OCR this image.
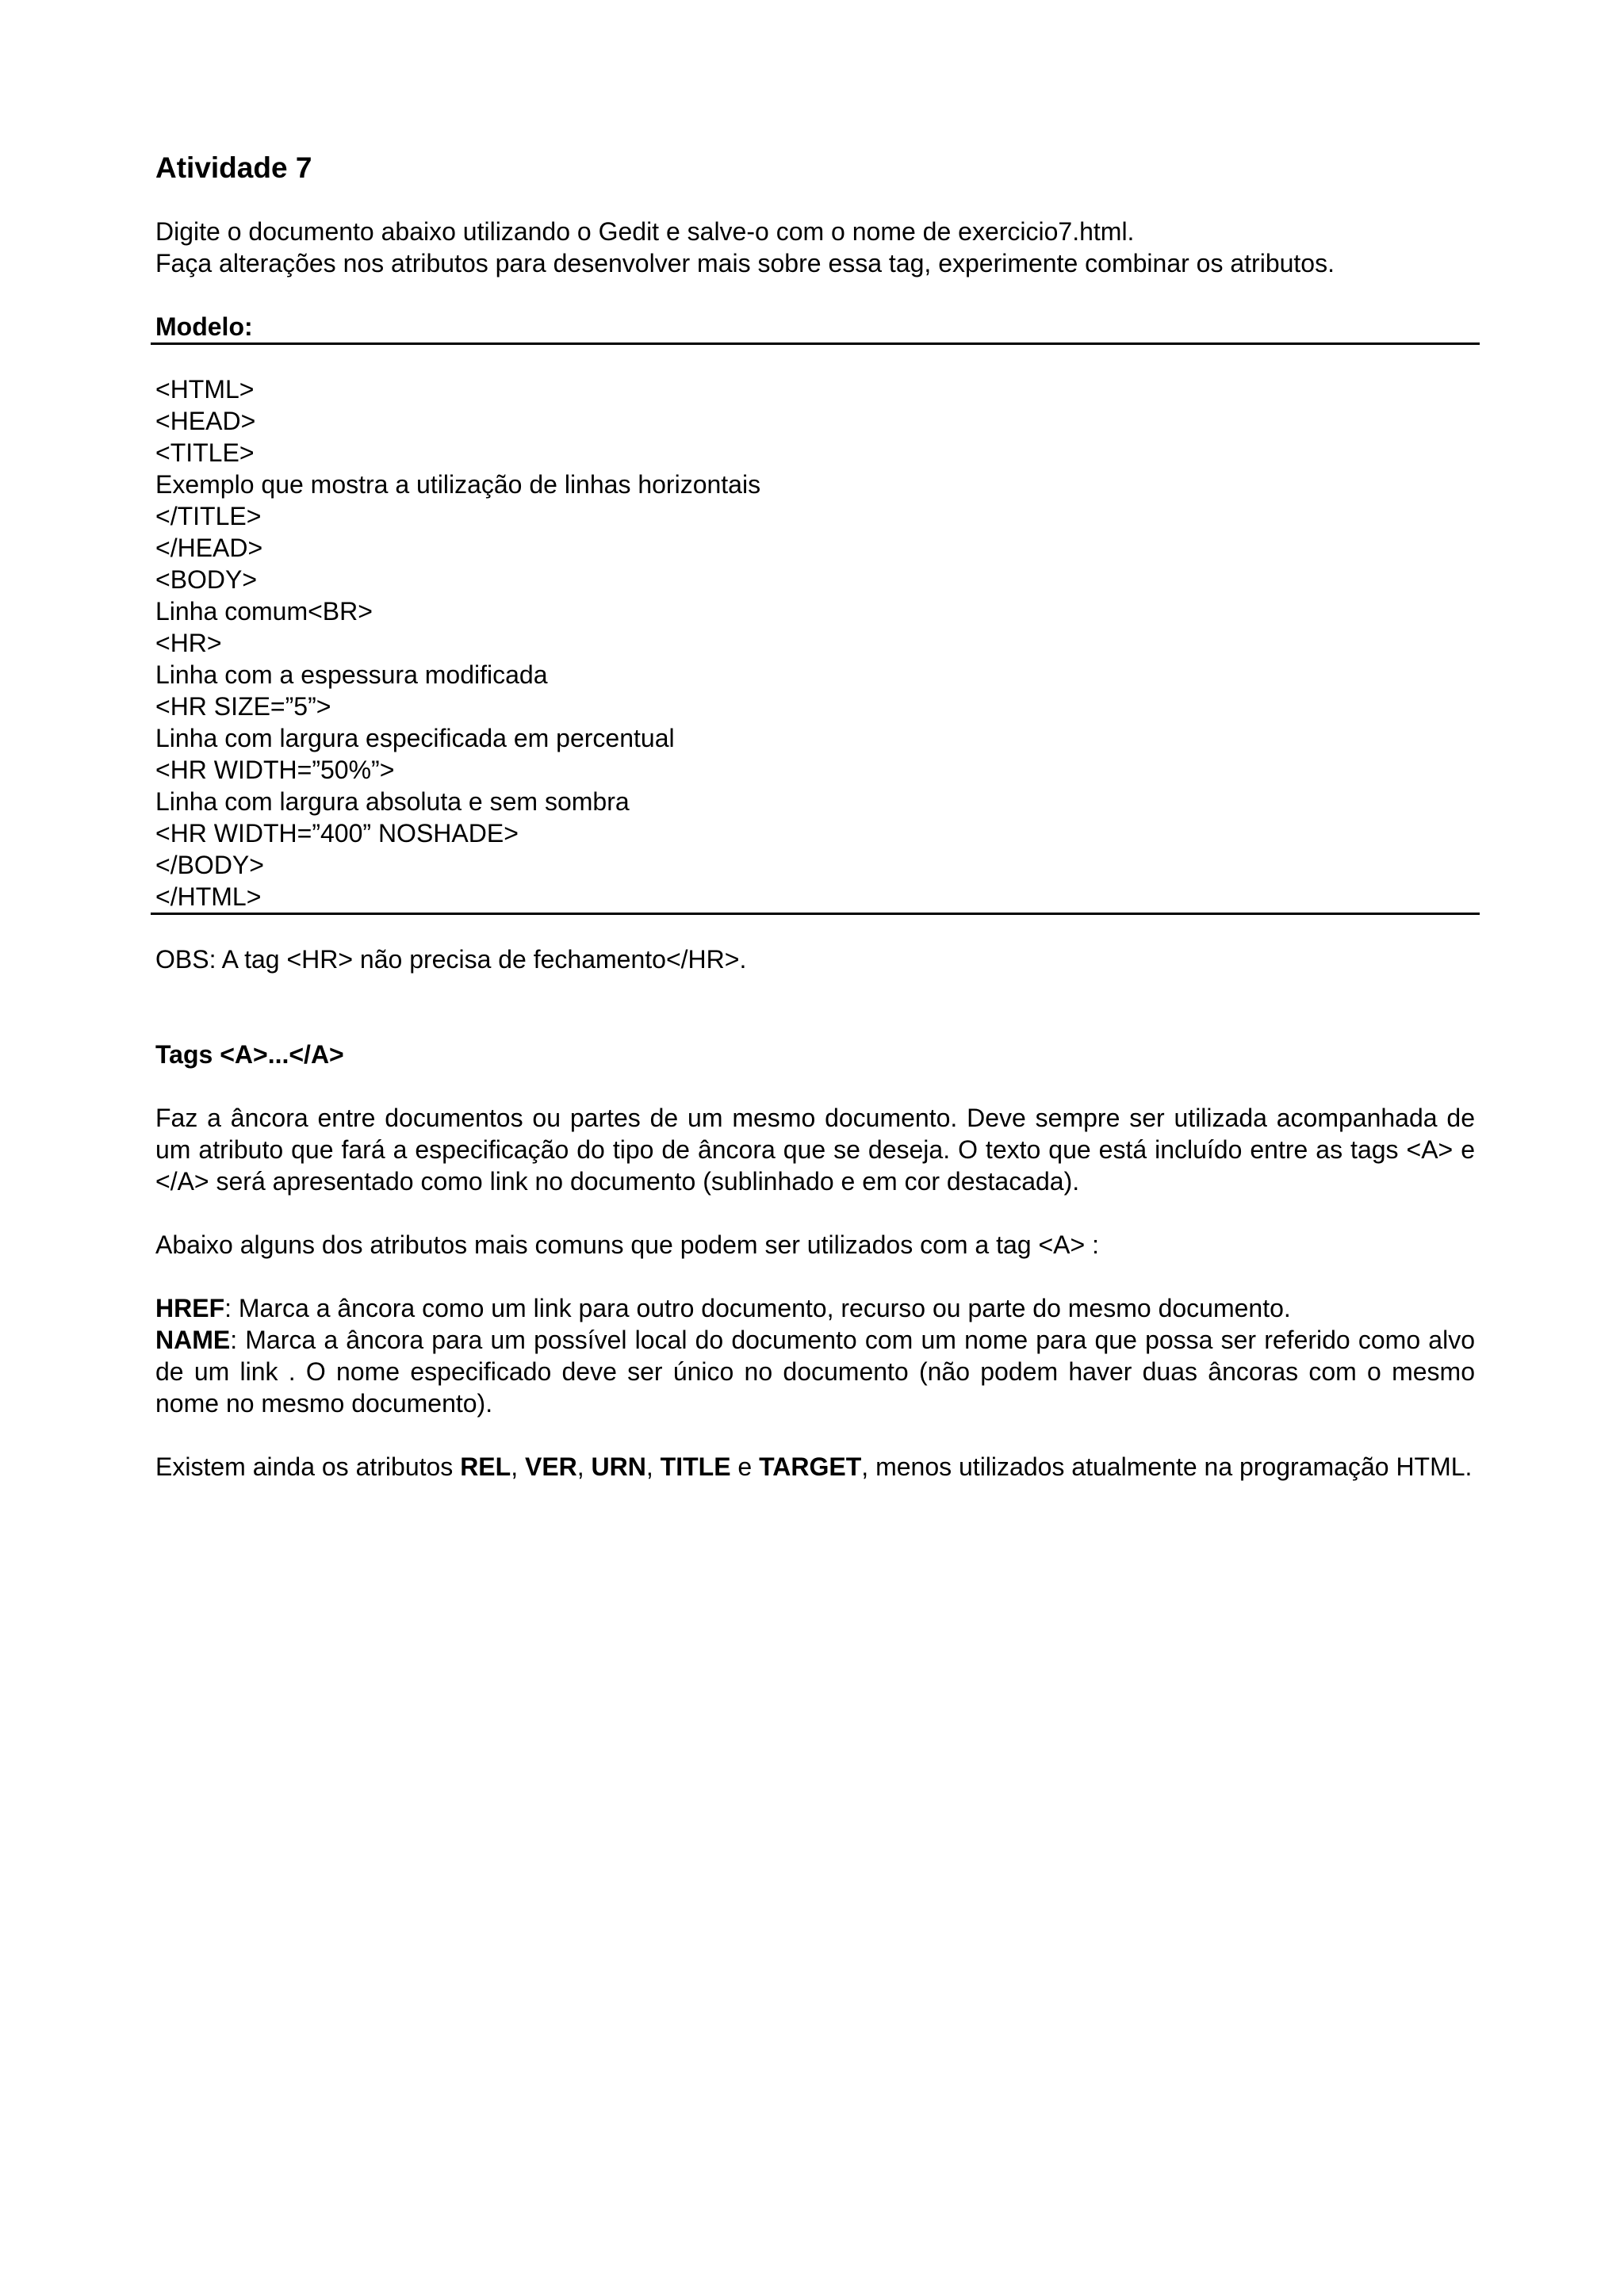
Atividade 7
Digite o documento abaixo utilizando o Gedit e salve-o com o nome de exercicio7.html.
Faça alterações nos atributos para desenvolver mais sobre essa tag, experimente combinar os atributos.
Modelo:
<HTML>
<HEAD>
<TITLE>
Exemplo que mostra a utilização de linhas horizontais
</TITLE>
</HEAD>
<BODY>
Linha comum<BR>
<HR>
Linha com a espessura modificada
<HR SIZE=”5”>
Linha com largura especificada em percentual
<HR WIDTH=”50%”>
Linha com largura absoluta e sem sombra
<HR WIDTH=”400” NOSHADE>
</BODY>
</HTML>
OBS: A tag <HR> não precisa de fechamento</HR>.
Tags <A>...</A>
Faz a âncora entre documentos ou partes de um mesmo documento. Deve sempre ser utilizada acompanhada de um atributo que fará a especificação do tipo de âncora que se deseja. O texto que está incluído entre as tags <A> e </A> será apresentado como link no documento (sublinhado e em cor destacada).
Abaixo alguns dos atributos mais comuns que podem ser utilizados com a tag <A> :
HREF: Marca a âncora como um link para outro documento, recurso ou parte do mesmo documento.
NAME: Marca a âncora para um possível local do documento com um nome para que possa ser referido como alvo de um link . O nome especificado deve ser único no documento (não podem haver duas âncoras com o mesmo nome no mesmo documento).
Existem ainda os atributos REL, VER, URN, TITLE e TARGET, menos utilizados atualmente na programação HTML.
